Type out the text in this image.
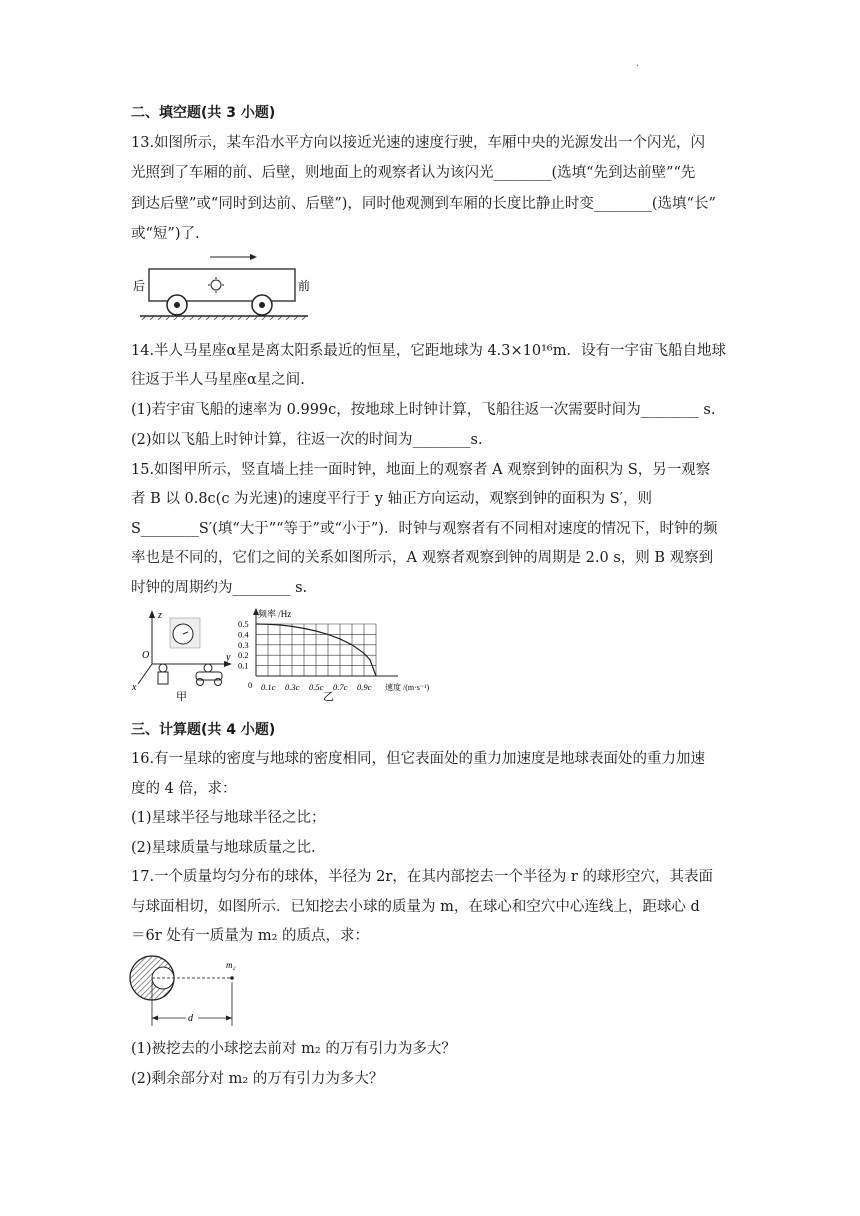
.
二、填空题(共 3 小题)
13.如图所示，某车沿水平方向以接近光速的速度行驶，车厢中央的光源发出一个闪光，闪
光照到了车厢的前、后壁，则地面上的观察者认为该闪光________(选填“先到达前壁”“先
到达后壁”或“同时到达前、后壁”)，同时他观测到车厢的长度比静止时变________(选填“长”
或“短”)了.
后	前
14.半人马星座α星是离太阳系最近的恒星，它距地球为 4.3×10¹⁶m．设有一宇宙飞船自地球
往返于半人马星座α星之间.
(1)若宇宙飞船的速率为 0.999c，按地球上时钟计算，飞船往返一次需要时间为________ s.
(2)如以飞船上时钟计算，往返一次的时间为________s.
15.如图甲所示，竖直墙上挂一面时钟，地面上的观察者 A 观察到钟的面积为 S，另一观察
者 B 以 0.8c(c 为光速)的速度平行于 y 轴正方向运动，观察到钟的面积为 S′，则
S________S′(填“大于”“等于”或“小于”)．时钟与观察者有不同相对速度的情况下，时钟的频
率也是不同的，它们之间的关系如图所示，A 观察者观察到钟的周期是 2.0 s，则 B 观察到
时钟的周期约为________ s.
z
y
x
O
甲
频率 /Hz
速度 /(m·s⁻¹)
0.5
0.4
0.3
0.2
0.1
0 0.1c 0.3c 0.5c 0.7c 0.9c
乙
三、计算题(共 4 小题)
16.有一星球的密度与地球的密度相同，但它表面处的重力加速度是地球表面处的重力加速
度的 4 倍，求：
(1)星球半径与地球半径之比；
(2)星球质量与地球质量之比.
17.一个质量均匀分布的球体，半径为 2r，在其内部挖去一个半径为 r 的球形空穴，其表面
与球面相切，如图所示．已知挖去小球的质量为 m，在球心和空穴中心连线上，距球心 d
＝6r 处有一质量为 m₂ 的质点，求：
m₂
d
(1)被挖去的小球挖去前对 m₂ 的万有引力为多大？
(2)剩余部分对 m₂ 的万有引力为多大？
